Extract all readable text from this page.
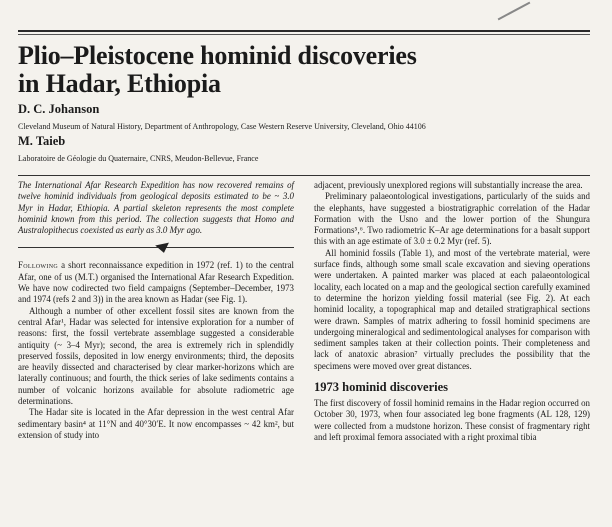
Plio–Pleistocene hominid discoveries
in Hadar, Ethiopia

D. C. Johanson

Cleveland Museum of Natural History, Department of Anthropology, Case Western Reserve University, Cleveland, Ohio 44106

M. Taieb

Laboratoire de Géologie du Quaternaire, CNRS, Meudon-Bellevue, France

The International Afar Research Expedition has now recovered remains of twelve hominid individuals from geological deposits estimated to be ~ 3.0 Myr in Hadar, Ethiopia. A partial skeleton represents the most complete hominid known from this period. The collection suggests that Homo and Australopithecus coexisted as early as 3.0 Myr ago.

Following a short reconnaissance expedition in 1972 (ref. 1) to the central Afar, one of us (M.T.) organised the International Afar Research Expedition. We have now codirected two field campaigns (September–December, 1973 and 1974 (refs 2 and 3)) in the area known as Hadar (see Fig. 1).

Although a number of other excellent fossil sites are known from the central Afar¹, Hadar was selected for intensive exploration for a number of reasons: first, the fossil vertebrate assemblage suggested a considerable antiquity (~ 3–4 Myr); second, the area is extremely rich in splendidly preserved fossils, deposited in low energy environments; third, the deposits are heavily dissected and characterised by clear marker-horizons which are laterally continuous; and fourth, the thick series of lake sediments contains a number of volcanic horizons available for absolute radiometric age determinations.

The Hadar site is located in the Afar depression in the west central Afar sedimentary basin⁴ at 11°N and 40°30′E. It now encompasses ~ 42 km², but extension of study into

adjacent, previously unexplored regions will substantially increase the area.

Preliminary palaeontological investigations, particularly of the suids and the elephants, have suggested a biostratigraphic correlation of the Hadar Formation with the Usno and the lower portion of the Shungura Formations⁵,⁶. Two radiometric K–Ar age determinations for a basalt support this with an age estimate of 3.0 ± 0.2 Myr (ref. 5).

All hominid fossils (Table 1), and most of the vertebrate material, were surface finds, although some small scale excavation and sieving operations were undertaken. A painted marker was placed at each palaeontological locality, each located on a map and the geological section carefully examined to determine the horizon yielding fossil material (see Fig. 2). At each hominid locality, a topographical map and detailed stratigraphical sections were drawn. Samples of matrix adhering to fossil hominid specimens are undergoing mineralogical and sedimentological analyses for comparison with sediment samples taken at their collection points. Their completeness and lack of anatoxic abrasion⁷ virtually precludes the possibility that the specimens were moved over great distances.

1973 hominid discoveries

The first discovery of fossil hominid remains in the Hadar region occurred on October 30, 1973, when four associated leg bone fragments (AL 128, 129) were collected from a mudstone horizon. These consist of fragmentary right and left proximal femora associated with a right proximal tibia
